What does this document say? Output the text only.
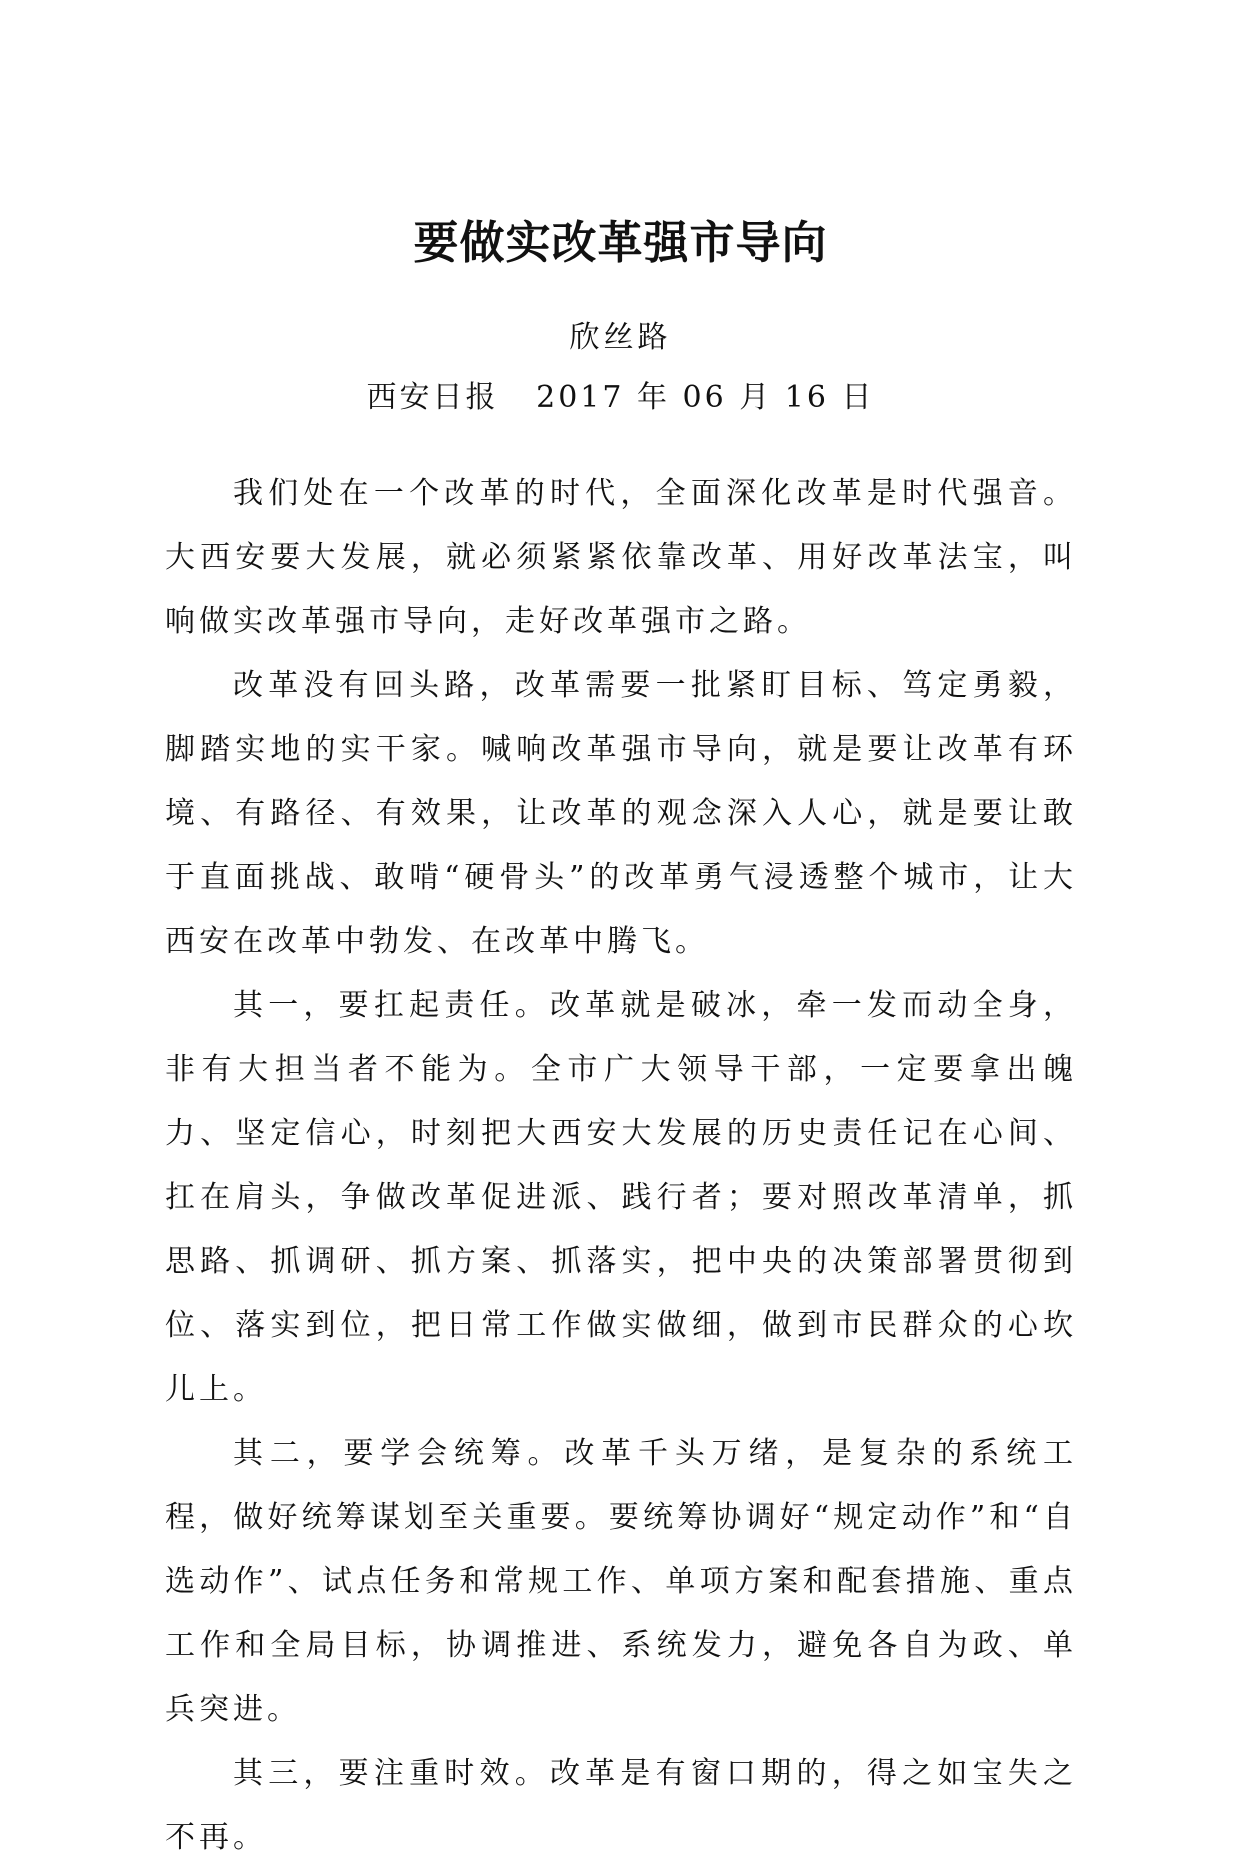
要做实改革强市导向
欣丝路
西安日报   2017 年 06 月 16 日

我们处在一个改革的时代，全面深化改革是时代强音。大西安要大发展，就必须紧紧依靠改革、用好改革法宝，叫响做实改革强市导向，走好改革强市之路。

改革没有回头路，改革需要一批紧盯目标、笃定勇毅，脚踏实地的实干家。喊响改革强市导向，就是要让改革有环境、有路径、有效果，让改革的观念深入人心，就是要让敢于直面挑战、敢啃“硬骨头”的改革勇气浸透整个城市，让大西安在改革中勃发、在改革中腾飞。

其一，要扛起责任。改革就是破冰，牵一发而动全身，非有大担当者不能为。全市广大领导干部，一定要拿出魄力、坚定信心，时刻把大西安大发展的历史责任记在心间、扛在肩头，争做改革促进派、践行者；要对照改革清单，抓思路、抓调研、抓方案、抓落实，把中央的决策部署贯彻到位、落实到位，把日常工作做实做细，做到市民群众的心坎儿上。

其二，要学会统筹。改革千头万绪，是复杂的系统工程，做好统筹谋划至关重要。要统筹协调好“规定动作”和“自选动作”、试点任务和常规工作、单项方案和配套措施、重点工作和全局目标，协调推进、系统发力，避免各自为政、单兵突进。

其三，要注重时效。改革是有窗口期的，得之如宝失之不再。
